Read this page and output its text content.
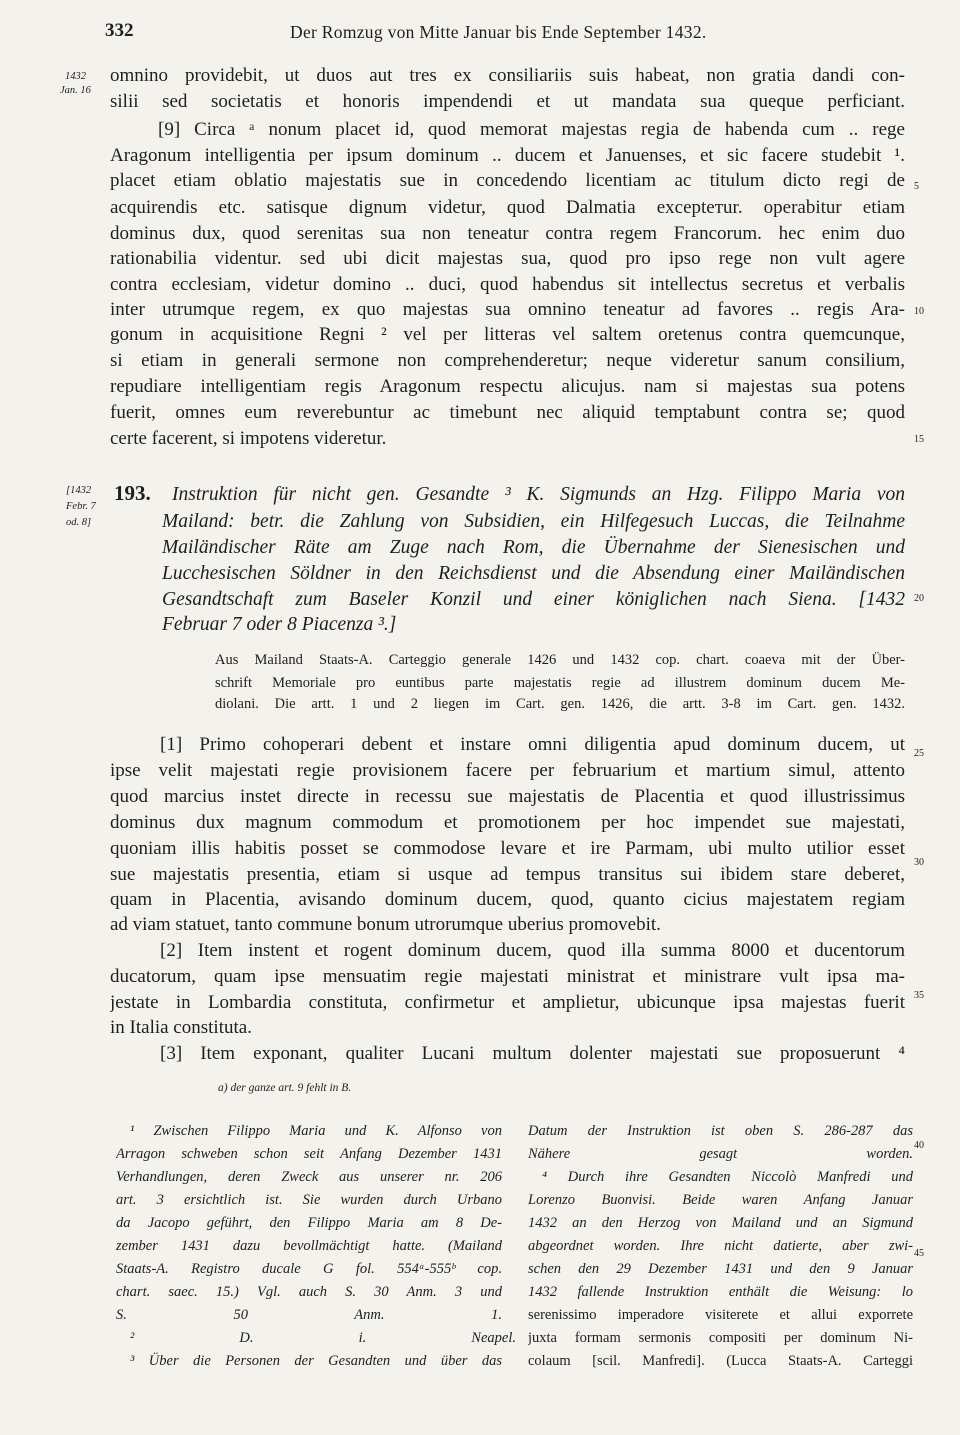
332	Der Romzug von Mitte Januar bis Ende September 1432.
1432
Jan. 16
5
10
15
20
25
30
35
40
45
omnino providebit, ut duos aut tres ex consiliariis suis habeat, non gratia dandi con-
silii sed societatis et honoris impendendi et ut mandata sua queque perficiant.
[9] Circa ᵃ nonum placet id, quod memorat majestas regia de habenda cum .. rege
Aragonum intelligentia per ipsum dominum .. ducem et Januenses, et sic facere studebit ¹.
placet etiam oblatio majestatis sue in concedendo licentiam ac titulum dicto regi de
acquirendis etc. satisque dignum videtur, quod Dalmatia excepteтur. operabitur etiam
dominus dux, quod serenitas sua non teneatur contra regem Francorum. hec enim duo
rationabilia videntur. sed ubi dicit majestas sua, quod pro ipso rege non vult agere
contra ecclesiam, videtur domino .. duci, quod habendus sit intellectus secretus et verbalis
inter utrumque regem, ex quo majestas sua omnino teneatur ad favores .. regis Ara-
gonum in acquisitione Regni ² vel per litteras vel saltem oretenus contra quemcunque,
si etiam in generali sermone non comprehenderetur; neque videretur sanum consilium,
repudiare intelligentiam regis Aragonum respectu alicujus. nam si majestas sua potens
fuerit, omnes eum reverebuntur ac timebunt nec aliquid temptabunt contra se; quod
certe facerent, si impotens videretur.
[1432
Febr. 7
od. 8]
193. Instruktion für nicht gen. Gesandte ³ K. Sigmunds an Hzg. Filippo Maria von
Mailand: betr. die Zahlung von Subsidien, ein Hilfegesuch Luccas, die Teilnahme
Mailändischer Räte am Zuge nach Rom, die Übernahme der Sienesischen und
Lucchesischen Söldner in den Reichsdienst und die Absendung einer Mailändischen
Gesandtschaft zum Baseler Konzil und einer königlichen nach Siena. [1432
Februar 7 oder 8 Piacenza ³.]
Aus Mailand Staats-A. Carteggio generale 1426 und 1432 cop. chart. coaeva mit der Über-
schrift Memoriale pro euntibus parte majestatis regie ad illustrem dominum ducem Me-
diolani. Die artt. 1 und 2 liegen im Cart. gen. 1426, die artt. 3-8 im Cart. gen. 1432.
[1] Primo cohoperari debent et instare omni diligentia apud dominum ducem, ut
ipse velit majestati regie provisionem facere per februarium et martium simul, attento
quod marcius instet directe in recessu sue majestatis de Placentia et quod illustrissimus
dominus dux magnum commodum et promotionem per hoc impendet sue majestati,
quoniam illis habitis posset se commodose levare et ire Parmam, ubi multo utilior esset
sue majestatis presentia, etiam si usque ad tempus transitus sui ibidem stare deberet,
quam in Placentia, avisando dominum ducem, quod, quanto cicius majestatem regiam
ad viam statuet, tanto commune bonum utrorumque uberius promovebit.
[2] Item instent et rogent dominum ducem, quod illa summa 8000 et ducentorum
ducatorum, quam ipse mensuatim regie majestati ministrat et ministrare vult ipsa ma-
jestate in Lombardia constituta, confirmetur et amplietur, ubicunque ipsa majestas fuerit
in Italia constituta.
[3] Item exponant, qualiter Lucani multum dolenter majestati sue proposuerunt ⁴
a) der ganze art. 9 fehlt in B.
¹ Zwischen Filippo Maria und K. Alfonso von
Arragon schweben schon seit Anfang Dezember 1431
Verhandlungen, deren Zweck aus unserer nr. 206
art. 3 ersichtlich ist. Sie wurden durch Urbano
da Jacopo geführt, den Filippo Maria am 8 De-
zember 1431 dazu bevollmächtigt hatte. (Mailand
Staats-A. Registro ducale G fol. 554ᵃ-555ᵇ cop.
chart. saec. 15.) Vgl. auch S. 30 Anm. 3 und
S. 50 Anm. 1.
² D. i. Neapel.
³ Über die Personen der Gesandten und über das
Datum der Instruktion ist oben S. 286-287 das
Nähere gesagt worden.
⁴ Durch ihre Gesandten Niccolò Manfredi und
Lorenzo Buonvisi. Beide waren Anfang Januar
1432 an den Herzog von Mailand und an Sigmund
abgeordnet worden. Ihre nicht datierte, aber zwi-
schen den 29 Dezember 1431 und den 9 Januar
1432 fallende Instruktion enthält die Weisung: lo
serenissimo imperadore visiterete et allui exporrete
juxta formam sermonis compositi per dominum Ni-
colaum [scil. Manfredi]. (Lucca Staats-A. Carteggi
